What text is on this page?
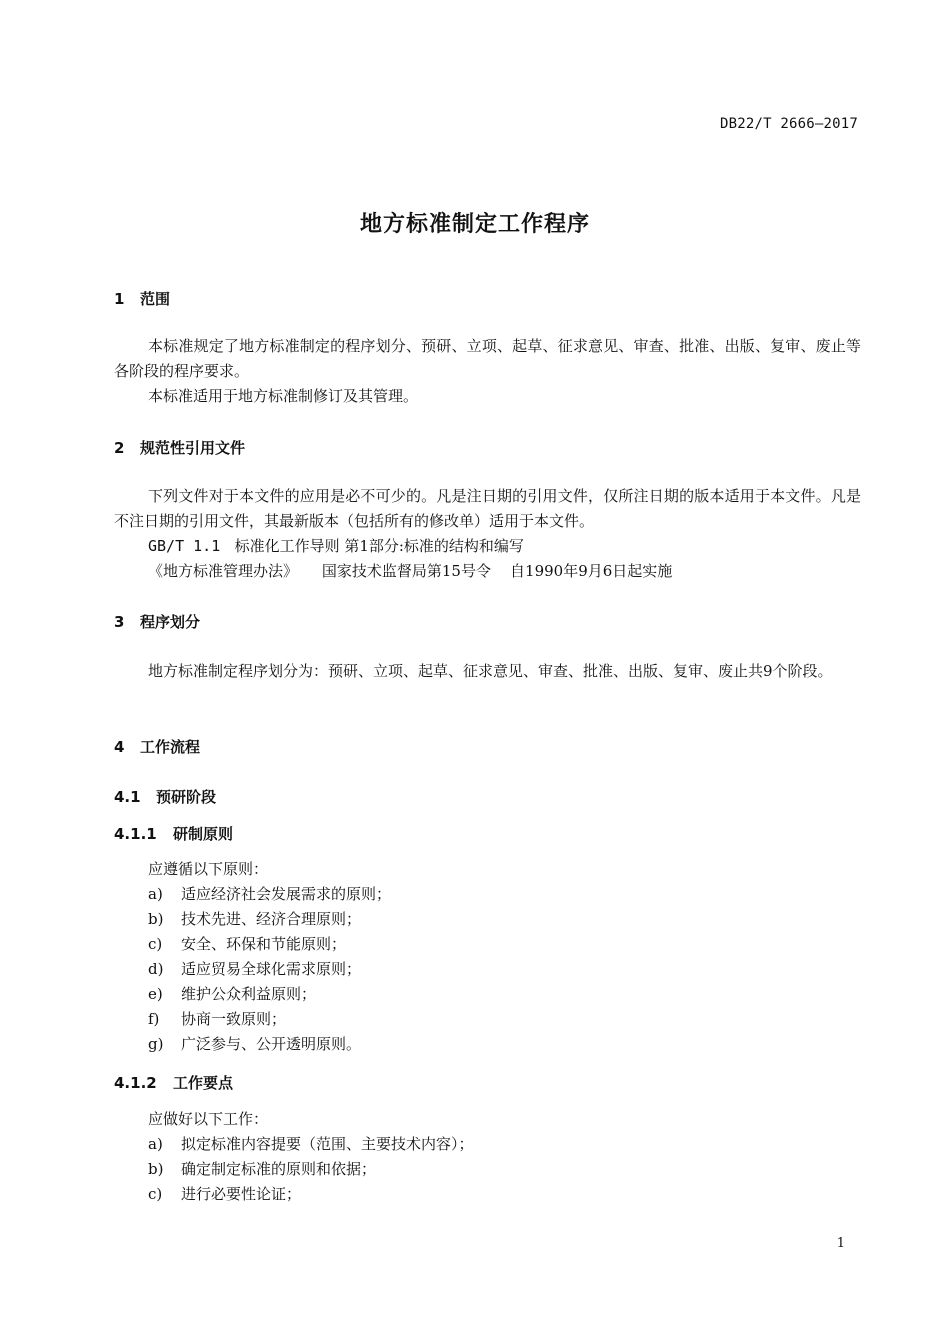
DB22/T 2666—2017
地方标准制定工作程序
1 范围

本标准规定了地方标准制定的程序划分、预研、立项、起草、征求意见、审查、批准、出版、复审、废止等各阶段的程序要求。

本标准适用于地方标准制修订及其管理。

2 规范性引用文件

下列文件对于本文件的应用是必不可少的。凡是注日期的引用文件，仅所注日期的版本适用于本文件。凡是不注日期的引用文件，其最新版本（包括所有的修改单）适用于本文件。

GB/T 1.1 标准化工作导则 第1部分:标准的结构和编写
《地方标准管理办法》 国家技术监督局第15号令 自1990年9月6日起实施
3 程序划分

地方标准制定程序划分为：预研、立项、起草、征求意见、审查、批准、出版、复审、废止共9个阶段。

4 工作流程
4.1 预研阶段
4.1.1 研制原则
应遵循以下原则：
a) 适应经济社会发展需求的原则；
b) 技术先进、经济合理原则；
c) 安全、环保和节能原则；
d) 适应贸易全球化需求原则；
e) 维护公众利益原则；
f) 协商一致原则；
g) 广泛参与、公开透明原则。
4.1.2 工作要点
应做好以下工作：
a) 拟定标准内容提要（范围、主要技术内容）；
b) 确定制定标准的原则和依据；
c) 进行必要性论证；
1
